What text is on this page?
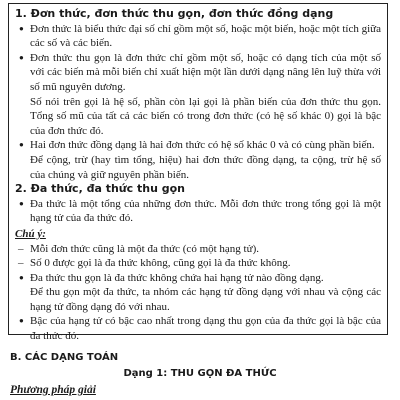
1. Đơn thức, đơn thức thu gọn, đơn thức đồng dạng

● Đơn thức là biểu thức đại số chỉ gồm một số, hoặc một biến, hoặc một tích giữa các số và các biến.

● Đơn thức thu gọn là đơn thức chỉ gồm một số, hoặc có dạng tích của một số với các biến mà mỗi biến chỉ xuất hiện một lần dưới dạng nâng lên luỹ thừa với số mũ nguyên dương.

Số nói trên gọi là hệ số, phần còn lại gọi là phần biến của đơn thức thu gọn. Tổng số mũ của tất cả các biến có trong đơn thức (có hệ số khác 0) gọi là bậc của đơn thức đó.

● Hai đơn thức đồng dạng là hai đơn thức có hệ số khác 0 và có cùng phần biến.

Để cộng, trừ (hay tìm tổng, hiệu) hai đơn thức đồng dạng, ta cộng, trừ hệ số của chúng và giữ nguyên phần biến.

2. Đa thức, đa thức thu gọn

● Đa thức là một tổng của những đơn thức. Mỗi đơn thức trong tổng gọi là một hạng tử của đa thức đó.

Chú ý:

– Mỗi đơn thức cũng là một đa thức (có một hạng tử).

– Số 0 được gọi là đa thức không, cũng gọi là đa thức không.

● Đa thức thu gọn là đa thức không chứa hai hạng tử nào đồng dạng.

Để thu gọn một đa thức, ta nhóm các hạng tử đồng dạng với nhau và cộng các hạng tử đồng dạng đó với nhau.

● Bậc của hạng tử có bậc cao nhất trong dạng thu gọn của đa thức gọi là bậc của đa thức đó.

B. CÁC DẠNG TOÁN
Dạng 1: THU GỌN ĐA THỨC
Phương pháp giải
